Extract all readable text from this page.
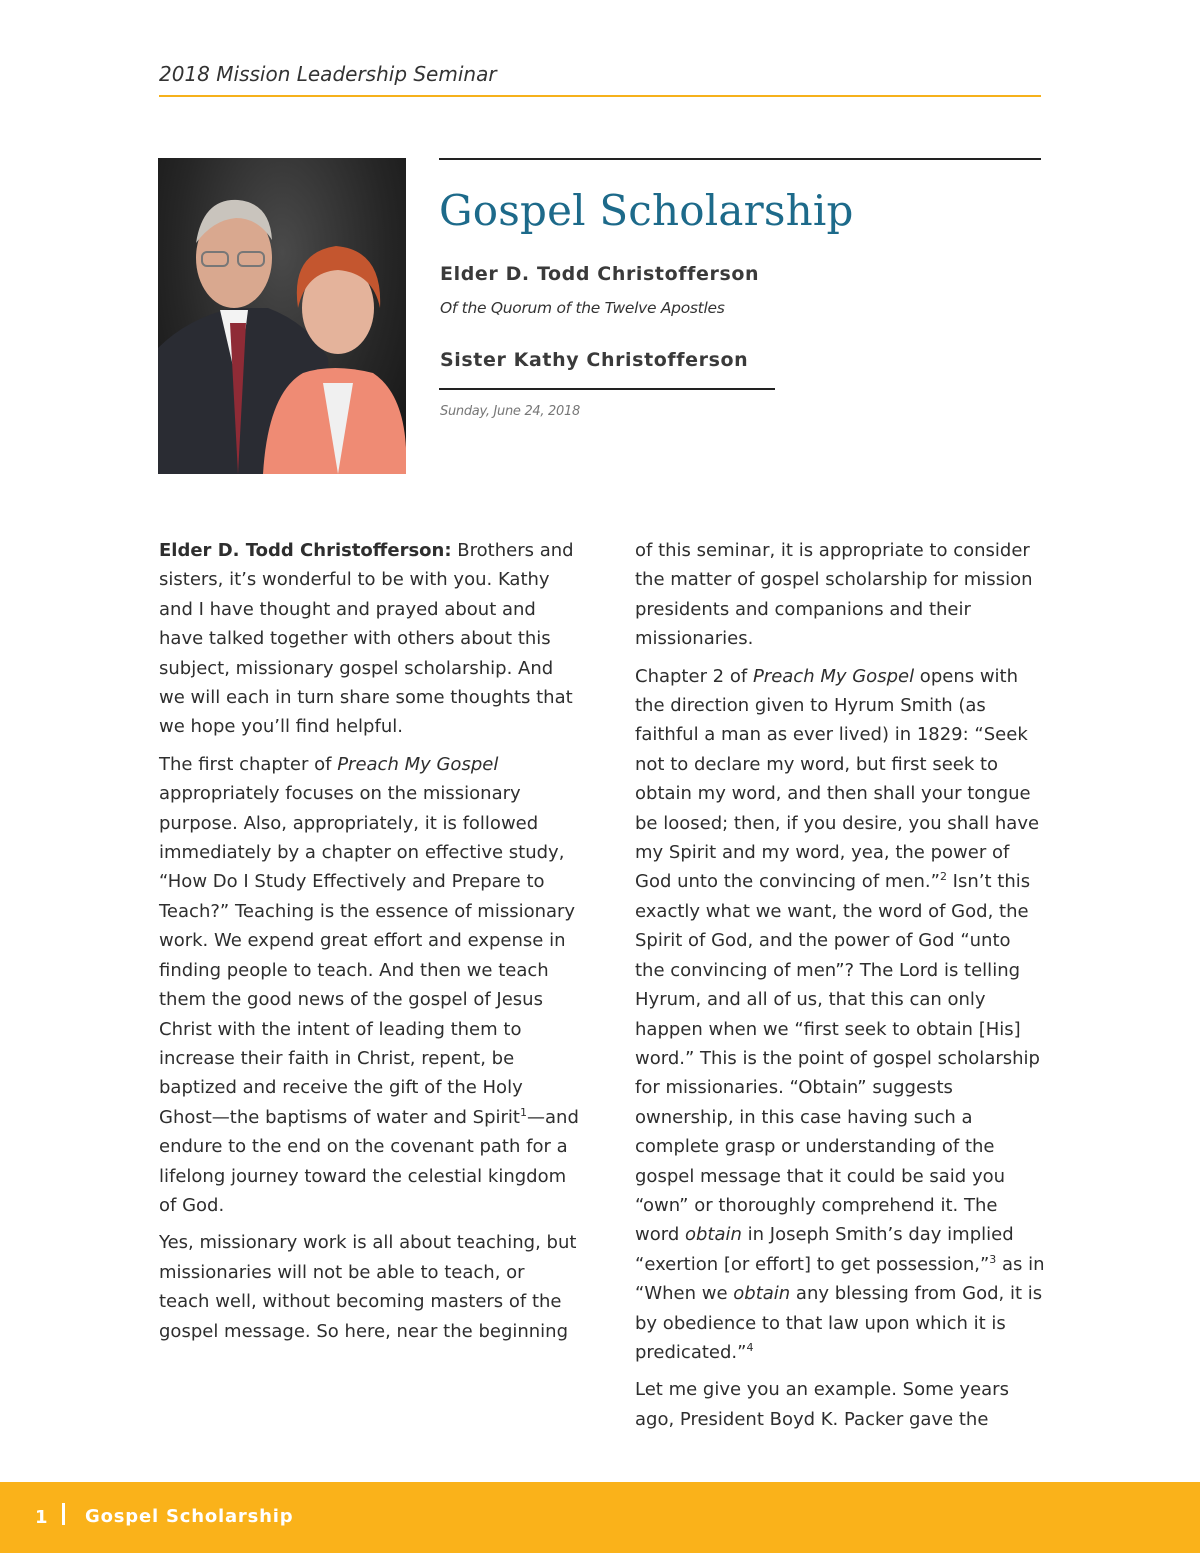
2018 Mission Leadership Seminar
Gospel Scholarship
Elder D. Todd Christofferson
Of the Quorum of the Twelve Apostles
Sister Kathy Christofferson
Sunday, June 24, 2018

Elder D. Todd Christofferson: Brothers and sisters, it’s wonderful to be with you. Kathy and I have thought and prayed about and have talked together with others about this subject, missionary gospel scholarship. And we will each in turn share some thoughts that we hope you’ll find helpful.

The first chapter of Preach My Gospel appropriately focuses on the missionary purpose. Also, appropriately, it is followed immediately by a chapter on effective study, “How Do I Study Effectively and Prepare to Teach?” Teaching is the essence of missionary work. We expend great effort and expense in finding people to teach. And then we teach them the good news of the gospel of Jesus Christ with the intent of leading them to increase their faith in Christ, repent, be baptized and receive the gift of the Holy Ghost—the baptisms of water and Spirit$^1$—and endure to the end on the covenant path for a lifelong journey toward the celestial kingdom of God.

Yes, missionary work is all about teaching, but missionaries will not be able to teach, or teach well, without becoming masters of the gospel message. So here, near the beginning

of this seminar, it is appropriate to consider the matter of gospel scholarship for mission presidents and companions and their missionaries.

Chapter 2 of Preach My Gospel opens with the direction given to Hyrum Smith (as faithful a man as ever lived) in 1829: “Seek not to declare my word, but first seek to obtain my word, and then shall your tongue be loosed; then, if you desire, you shall have my Spirit and my word, yea, the power of God unto the convincing of men.”$^2$ Isn’t this exactly what we want, the word of God, the Spirit of God, and the power of God “unto the convincing of men”? The Lord is telling Hyrum, and all of us, that this can only happen when we “first seek to obtain [His] word.” This is the point of gospel scholarship for missionaries. “Obtain” suggests ownership, in this case having such a complete grasp or understanding of the gospel message that it could be said you “own” or thoroughly comprehend it. The word obtain in Joseph Smith’s day implied “exertion [or effort] to get possession,”$^3$ as in “When we obtain any blessing from God, it is by obedience to that law upon which it is predicated.”$^4$

Let me give you an example. Some years ago, President Boyd K. Packer gave the

1 Gospel Scholarship
